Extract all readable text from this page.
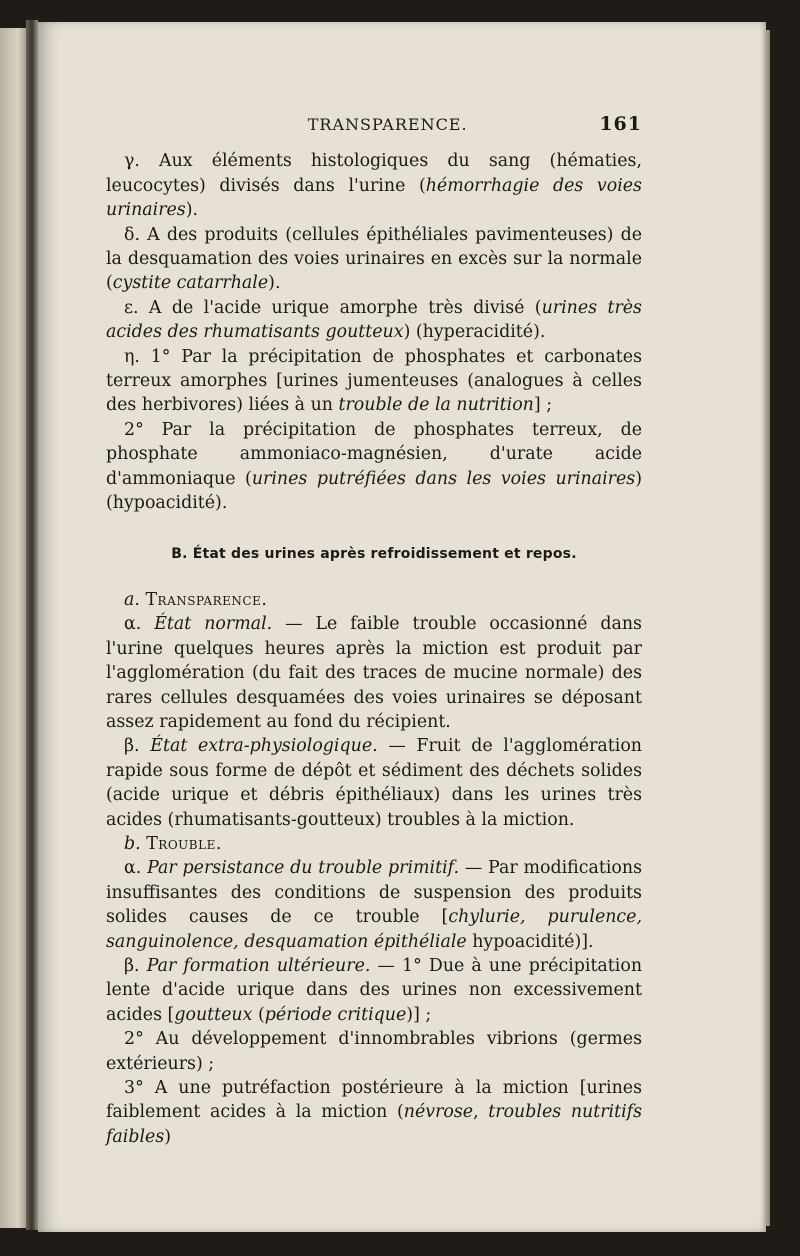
TRANSPARENCE.	161

γ. Aux éléments histologiques du sang (hématies, leucocytes) divisés dans l'urine (hémorrhagie des voies urinaires).

δ. A des produits (cellules épithéliales pavimenteuses) de la desquamation des voies urinaires en excès sur la normale (cystite catarrhale).

ε. A de l'acide urique amorphe très divisé (urines très acides des rhumatisants goutteux) (hyperacidité).

η. 1° Par la précipitation de phosphates et carbonates terreux amorphes [urines jumenteuses (analogues à celles des herbivores) liées à un trouble de la nutrition] ;

2° Par la précipitation de phosphates terreux, de phosphate ammoniaco-magnésien, d'urate acide d'ammoniaque (urines putréfiées dans les voies urinaires) (hypoacidité).

B. État des urines après refroidissement et repos.

a. Transparence.

α. État normal. — Le faible trouble occasionné dans l'urine quelques heures après la miction est produit par l'agglomération (du fait des traces de mucine normale) des rares cellules desquamées des voies urinaires se déposant assez rapidement au fond du récipient.

β. État extra-physiologique. — Fruit de l'agglomération rapide sous forme de dépôt et sédiment des déchets solides (acide urique et débris épithéliaux) dans les urines très acides (rhumatisants-goutteux) troubles à la miction.

b. Trouble.

α. Par persistance du trouble primitif. — Par modifications insuffisantes des conditions de suspension des produits solides causes de ce trouble [chylurie, purulence, sanguinolence, desquamation épithéliale hypoacidité)].

β. Par formation ultérieure. — 1° Due à une précipitation lente d'acide urique dans des urines non excessivement acides [goutteux (période critique)] ;

2° Au développement d'innombrables vibrions (germes extérieurs) ;

3° A une putréfaction postérieure à la miction [urines faiblement acides à la miction (névrose, troubles nutritifs faibles)
